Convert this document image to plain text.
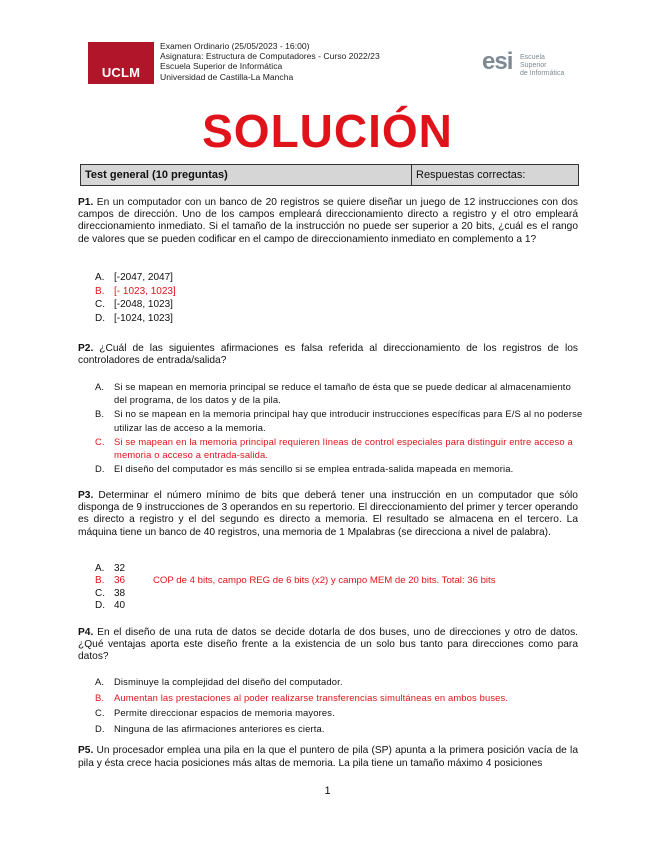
UCLM
Examen Ordinario (25/05/2023 - 16:00)
Asignatura: Estructura de Computadores - Curso 2022/23
Escuela Superior de Informática
Universidad de Castilla-La Mancha
esi Escuela
Superior
de Informática
SOLUCIÓN
Test general (10 preguntas)	Respuestas correctas:
P1. En un computador con un banco de 20 registros se quiere diseñar un juego de 12 instrucciones con dos campos de dirección. Uno de los campos empleará direccionamiento directo a registro y el otro empleará direccionamiento inmediato. Si el tamaño de la instrucción no puede ser superior a 20 bits, ¿cuál es el rango de valores que se pueden codificar en el campo de direccionamiento inmediato en complemento a 1?
A. [-2047, 2047]
B. [- 1023, 1023]
C. [-2048, 1023]
D. [-1024, 1023]
P2. ¿Cuál de las siguientes afirmaciones es falsa referida al direccionamiento de los registros de los controladores de entrada/salida?
A.	Si se mapean en memoria principal se reduce el tamaño de ésta que se puede dedicar al almacenamiento del programa, de los datos y de la pila.
B.	Si no se mapean en la memoria principal hay que introducir instrucciones específicas para E/S al no poderse utilizar las de acceso a la memoria.
C. Si se mapean en la memoria principal requieren líneas de control especiales para distinguir entre acceso a memoria o acceso a entrada-salida.
D. El diseño del computador es más sencillo si se emplea entrada-salida mapeada en memoria.
P3. Determinar el número mínimo de bits que deberá tener una instrucción en un computador que sólo disponga de 9 instrucciones de 3 operandos en su repertorio. El direccionamiento del primer y tercer operando es directo a registro y el del segundo es directo a memoria. El resultado se almacena en el tercero. La máquina tiene un banco de 40 registros, una memoria de 1 Mpalabras (se direcciona a nivel de palabra).
A. 32
B. 36	COP de 4 bits, campo REG de 6 bits (x2) y campo MEM de 20 bits. Total: 36 bits
C. 38
D. 40
P4. En el diseño de una ruta de datos se decide dotarla de dos buses, uno de direcciones y otro de datos. ¿Qué ventajas aporta este diseño frente a la existencia de un solo bus tanto para direcciones como para datos?
A.	Disminuye la complejidad del diseño del computador.
B.	Aumentan las prestaciones al poder realizarse transferencias simultáneas en ambos buses.
C. Permite direccionar espacios de memoria mayores.
D. Ninguna de las afirmaciones anteriores es cierta.
P5. Un procesador emplea una pila en la que el puntero de pila (SP) apunta a la primera posición vacía de la pila y ésta crece hacia posiciones más altas de memoria. La pila tiene un tamaño máximo 4 posiciones
1
